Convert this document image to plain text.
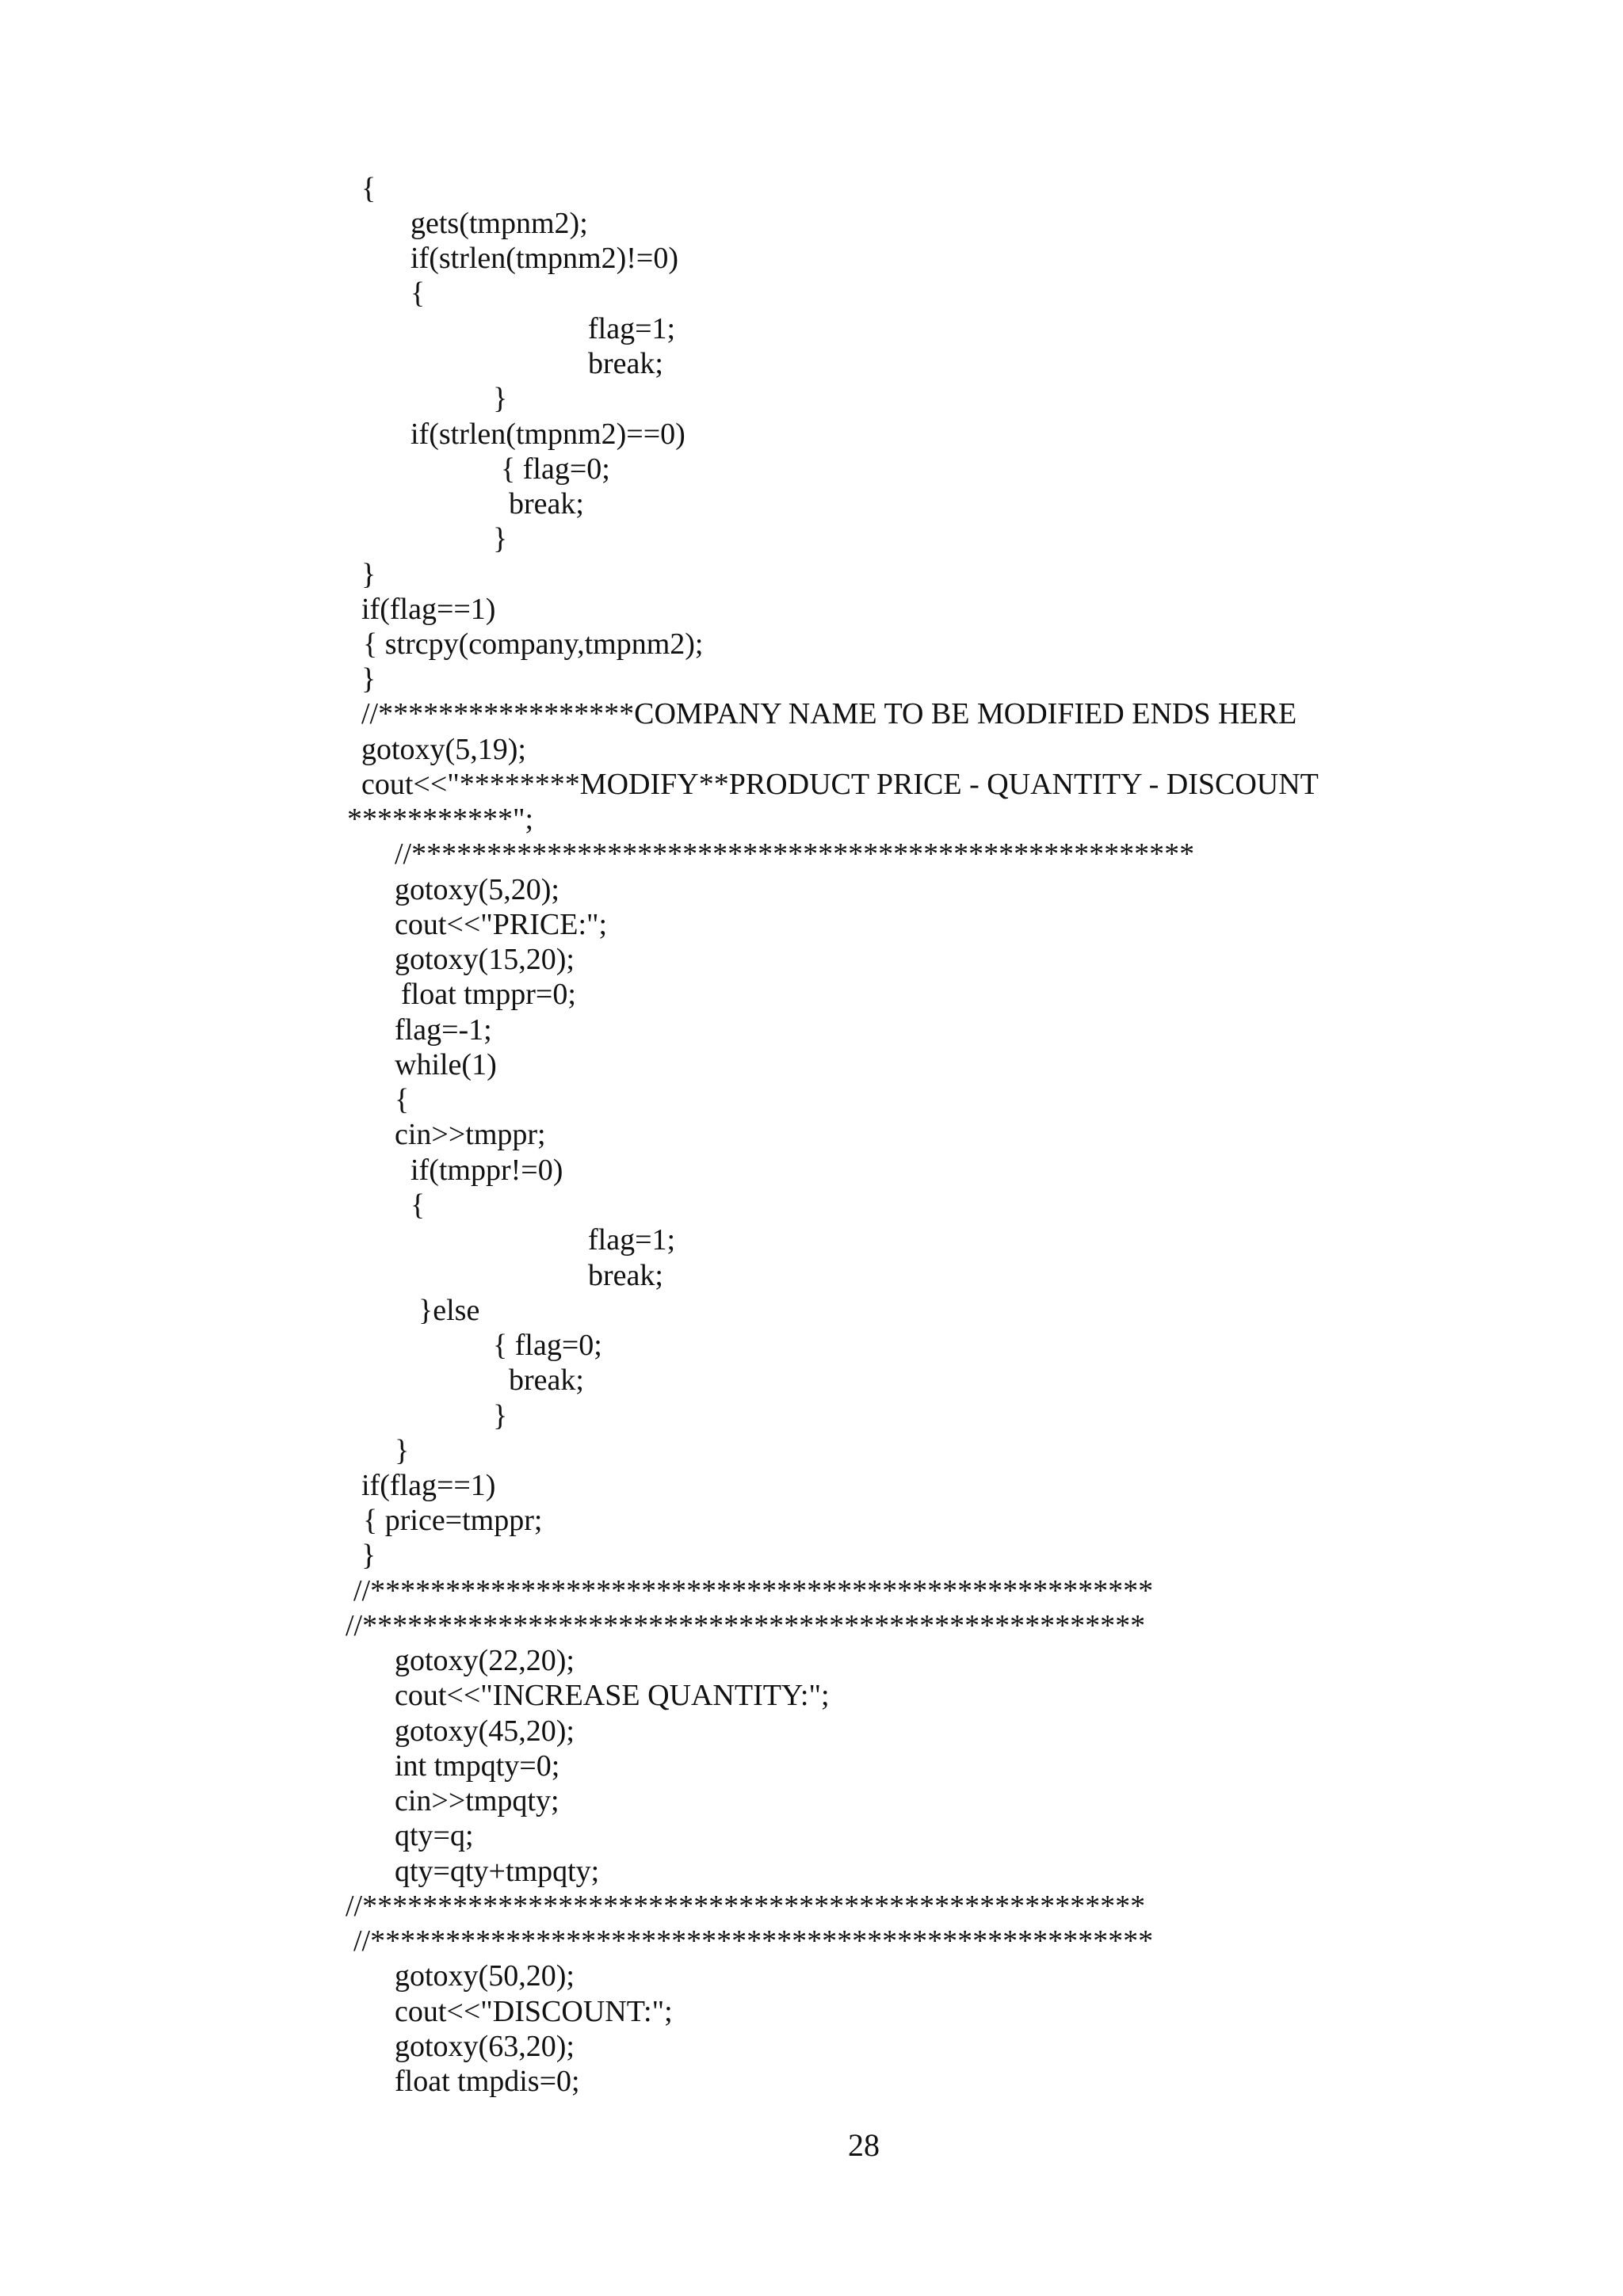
{
gets(tmpnm2);
if(strlen(tmpnm2)!=0)
{
flag=1;
break;
}
if(strlen(tmpnm2)==0)
{ flag=0;
break;
}
}
if(flag==1)
{ strcpy(company,tmpnm2);
}
//*****************COMPANY NAME TO BE MODIFIED ENDS HERE
gotoxy(5,19);
cout<<"********MODIFY**PRODUCT PRICE - QUANTITY - DISCOUNT
***********";
//****************************************************
gotoxy(5,20);
cout<<"PRICE:";
gotoxy(15,20);
float tmppr=0;
flag=-1;
while(1)
{
cin>>tmppr;
if(tmppr!=0)
{
flag=1;
break;
}else
{ flag=0;
break;
}
}
if(flag==1)
{ price=tmppr;
}
//****************************************************
//****************************************************
gotoxy(22,20);
cout<<"INCREASE QUANTITY:";
gotoxy(45,20);
int tmpqty=0;
cin>>tmpqty;
qty=q;
qty=qty+tmpqty;
//****************************************************
//****************************************************
gotoxy(50,20);
cout<<"DISCOUNT:";
gotoxy(63,20);
float tmpdis=0;
28
